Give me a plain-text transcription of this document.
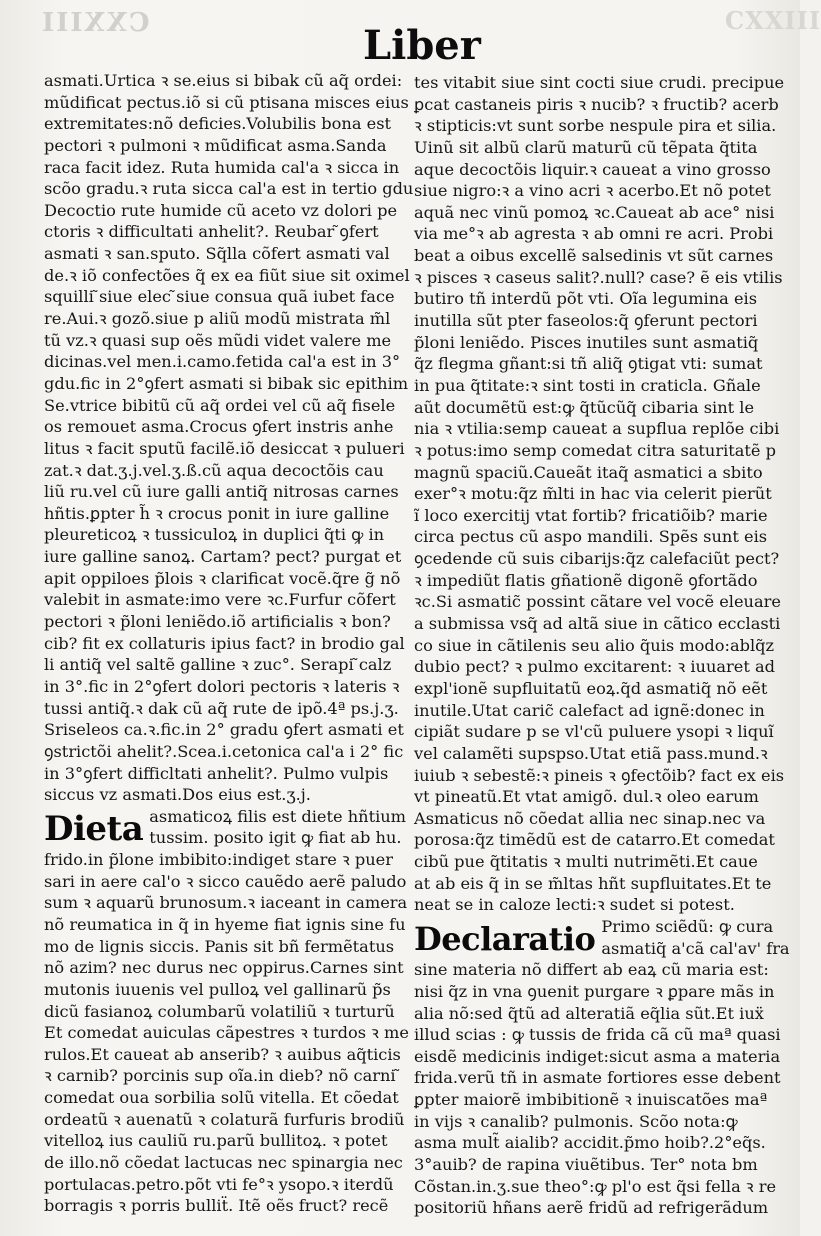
CXXIII	CXXIII
Liber
asmati.Urtica ꝛ se.eius si bibak cũ aq̃ ordei:
mũdificat pectus.iõ si cũ ptisana misces eius
extremitates:nõ deficies.Volubilis bona est
pectori ꝛ pulmoni ꝛ mũdificat asma.Sanda
raca facit idez. Ruta humida cal'a ꝛ sicca in
scõo gradu.ꝛ ruta sicca cal'a est in tertio gdu
Decoctio rute humide cũ aceto vz dolori pe
ctoris ꝛ difficultati anhelit?. Reubar ̃ꝯfert
asmati ꝛ san.sputo. Sq̃lla cõfert asmati val
de.ꝛ iõ confectões q̃ ex ea fiũt siue sit oximel
squilli ̃siue elec ̃siue consua quã iubet face
re.Aui.ꝛ gozõ.siue p aliũ modũ mistrata m̃l
tũ vz.ꝛ quasi sup oẽs mũdi videt valere me
dicinas.vel men.i.camo.fetida cal'a est in 3°
gdu.fic in 2°ꝯfert asmati si bibak sic epithim
Se.vtrice bibitũ cũ aq̃ ordei vel cũ aq̃ fisele
os remouet asma.Crocus ꝯfert instris anhe
litus ꝛ facit sputũ facilẽ.iõ desiccat ꝛ pulueri
zat.ꝛ dat.ʒ.j.vel.ʒ.ß.cũ aqua decoctõis cau
liũ ru.vel cũ iure galli antiq̃ nitrosas carnes
hñtis.ꝑpter h̃ ꝛ crocus ponit in iure galline
pleureticoꝝ ꝛ tussiculoꝝ in duplici q̃ti ꝙ in
iure galline sanoꝝ. Cartam? pect? purgat et
apit oppiloes p̃lois ꝛ clarificat vocẽ.q̃re g̃ nõ
valebit in asmate:imo vere ꝛc.Furfur cõfert
pectori ꝛ p̃loni leniẽdo.iõ artificialis ꝛ bon?
cib? fit ex collaturis ipius fact? in brodio gal
li antiq̃ vel saltẽ galline ꝛ zuc°. Serapi ̃calz
in 3°.fic in 2°ꝯfert dolori pectoris ꝛ lateris ꝛ
tussi antiq̃.ꝛ dak cũ aq̃ rute de ipõ.4ª ps.j.ʒ.
Sriseleos ca.ꝛ.fic.in 2° gradu ꝯfert asmati et
ꝯstrictõi ahelit?.Scea.i.cetonica cal'a i 2° fic
in 3°ꝯfert difficltati anhelit?. Pulmo vulpis
siccus vz asmati.Dos eius est.ʒ.j.
Dieta asmaticoꝝ filis est diete hñtium
tussim. posito igit ꝙ fiat ab hu.
frido.in p̃lone imbibito:indiget stare ꝛ puer
sari in aere cal'o ꝛ sicco cauẽdo aerẽ paludo
sum ꝛ aquarũ brunosum.ꝛ iaceant in camera
nõ reumatica in q̃ in hyeme fiat ignis sine fu
mo de lignis siccis. Panis sit bñ fermẽtatus
nõ azim? nec durus nec oppirus.Carnes sint
mutonis iuuenis vel pulloꝝ vel gallinarũ p̃s
dicũ fasianoꝝ columbarũ volatiliũ ꝛ turturũ
Et comedat auiculas cãpestres ꝛ turdos ꝛ me
rulos.Et caueat ab anserib? ꝛ auibus aq̃ticis
ꝛ carnib? porcinis sup oĩa.in dieb? nõ carni ̃
comedat oua sorbilia solũ vitella. Et cõedat
ordeatũ ꝛ auenatũ ꝛ colaturã furfuris brodiũ
vitelloꝝ ius cauliũ ru.parũ bullitoꝝ. ꝛ potet
de illo.nõ cõedat lactucas nec spinargia nec
portulacas.petro.põt vti fe°ꝛ ysopo.ꝛ iterdũ
borragis ꝛ porris bulliẗ. Itẽ oẽs fruct? recẽ
tes vitabit siue sint cocti siue crudi. precipue
ꝑcat castaneis piris ꝛ nucib? ꝛ fructib? acerb
ꝛ stipticis:vt sunt sorbe nespule pira et silia.
Uinũ sit albũ clarũ maturũ cũ tẽpata q̃tita
aque decoctõis liquir.ꝛ caueat a vino grosso
siue nigro:ꝛ a vino acri ꝛ acerbo.Et nõ potet
aquã nec vinũ pomoꝝ ꝛc.Caueat ab ace° nisi
via me°ꝛ ab agresta ꝛ ab omni re acri. Probi
beat a oibus excellẽ salsedinis vt sũt carnes
ꝛ pisces ꝛ caseus salit?.null? case? ẽ eis vtilis
butiro tñ interdũ põt vti. Oĩa legumina eis
inutilla sũt pter faseolos:q̃ ꝯferunt pectori
p̃loni leniẽdo. Pisces inutiles sunt asmatiq̃
q̃z flegma gñant:si tñ aliq̃ ꝯtigat vti: sumat
in pua q̃titate:ꝛ sint tosti in craticla. Gñale
aũt documẽtũ est:ꝙ q̃tũcũq̃ cibaria sint le
nia ꝛ vtilia:semp caueat a supflua replõe cibi
ꝛ potus:imo semp comedat citra saturitatẽ p
magnũ spaciũ.Caueãt itaq̃ asmatici a sbito
exer°ꝛ motu:q̃z m̃lti in hac via celerit pierũt
ĩ loco exercitij vtat fortib? fricatiõib? marie
circa pectus cũ aspo mandili. Spẽs sunt eis
ꝯcedende cũ suis cibarijs:q̃z calefaciũt pect?
ꝛ impediũt flatis gñationẽ digonẽ ꝯfortãdo
ꝛc.Si asmatic̃ possint cãtare vel vocẽ eleuare
a submissa vsq̃ ad altã siue in cãtico ecclasti
co siue in cãtilenis seu alio q̃uis modo:ablq̃z
dubio pect? ꝛ pulmo excitarent: ꝛ iuuaret ad
expl'ionẽ supfluitatũ eoꝝ.q̃d asmatiq̃ nõ eẽt
inutile.Utat caric̃ calefact ad ignẽ:donec in
cipiãt sudare p se vl'cũ puluere ysopi ꝛ liquĩ
vel calamẽti supspso.Utat etiã pass.mund.ꝛ
iuiub ꝛ sebestẽ:ꝛ pineis ꝛ ꝯfectõib? fact ex eis
vt pineatũ.Et vtat amigõ. dul.ꝛ oleo earum
Asmaticus nõ cõedat allia nec sinap.nec va
porosa:q̃z timẽdũ est de catarro.Et comedat
cibũ pue q̃titatis ꝛ multi nutrimẽti.Et caue
at ab eis q̃ in se m̃ltas hñt supfluitates.Et te
neat se in caloze lecti:ꝛ sudet si potest.
Declaratio Primo sciẽdũ: ꝙ cura
asmatiq̃ a'cã cal'av' fra
sine materia nõ differt ab eaꝝ cũ maria est:
nisi q̃z in vna ꝯuenit purgare ꝛ ꝑpare mãs in
alia nõ:sed q̃tũ ad alteratiã eq̃lia sũt.Et iuẍ
illud scias : ꝙ tussis de frida cã cũ maª quasi
eisdẽ medicinis indiget:sicut asma a materia
frida.verũ tñ in asmate fortiores esse debent
ꝑpter maiorẽ imbibitionẽ ꝛ inuiscatões maª
in vijs ꝛ canalib? pulmonis. Scõo nota:ꝙ
asma mult̃ aialib? accidit.p̃mo hoib?.2°eq̃s.
3°auib? de rapina viuẽtibus. Ter° nota bm
Cõstan.in.ʒ.sue theo°:ꝙ pl'o est q̃si fella ꝛ re
positoriũ hñans aerẽ fridũ ad refrigerãdum
